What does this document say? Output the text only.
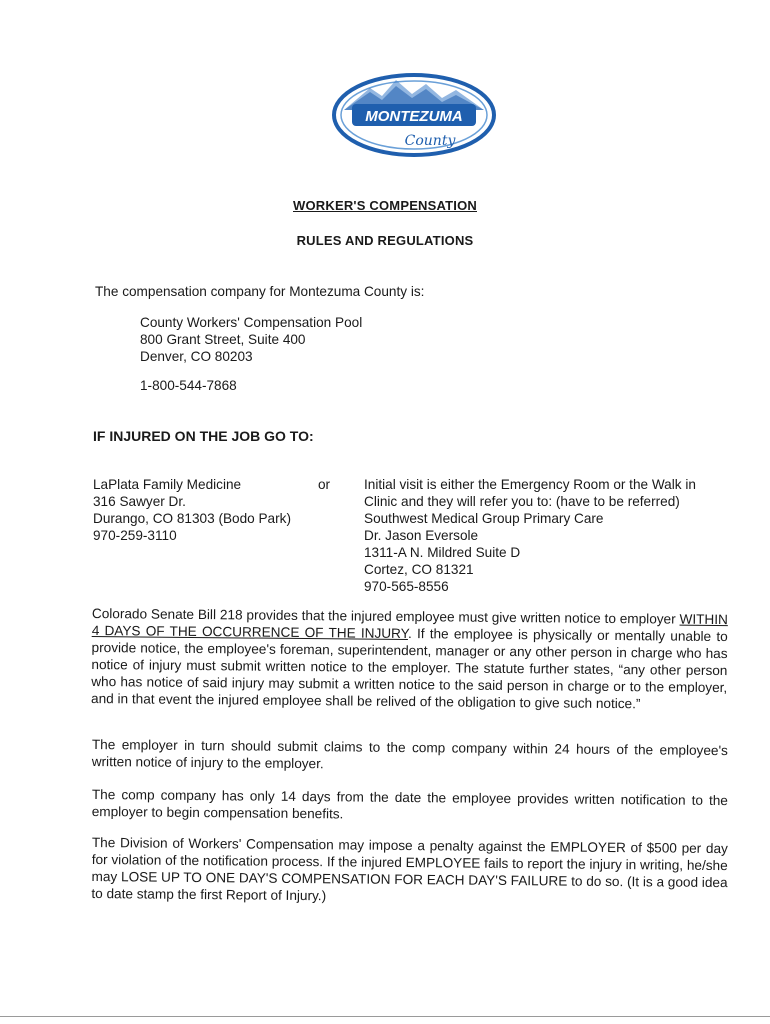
MONTEZUMA
County
WORKER'S COMPENSATION
RULES AND REGULATIONS
The compensation company for Montezuma County is:
County Workers' Compensation Pool
800 Grant Street, Suite 400
Denver, CO 80203
1-800-544-7868
IF INJURED ON THE JOB GO TO:
LaPlata Family Medicine
316 Sawyer Dr.
Durango, CO 81303 (Bodo Park)
970-259-3110
or Initial visit is either the Emergency Room or the Walk in
Clinic and they will refer you to: (have to be referred)
Southwest Medical Group Primary Care
Dr. Jason Eversole
1311-A N. Mildred Suite D
Cortez, CO 81321
970-565-8556
Colorado Senate Bill 218 provides that the injured employee must give written notice to employer WITHIN 4 DAYS OF THE OCCURRENCE OF THE INJURY. If the employee is physically or mentally unable to provide notice, the employee's foreman, superintendent, manager or any other person in charge who has notice of injury must submit written notice to the employer. The statute further states, “any other person who has notice of said injury may submit a written notice to the said person in charge or to the employer, and in that event the injured employee shall be relived of the obligation to give such notice.”
The employer in turn should submit claims to the comp company within 24 hours of the employee's written notice of injury to the employer.
The comp company has only 14 days from the date the employee provides written notification to the employer to begin compensation benefits.
The Division of Workers' Compensation may impose a penalty against the EMPLOYER of $500 per day for violation of the notification process. If the injured EMPLOYEE fails to report the injury in writing, he/she may LOSE UP TO ONE DAY'S COMPENSATION FOR EACH DAY'S FAILURE to do so. (It is a good idea to date stamp the first Report of Injury.)
